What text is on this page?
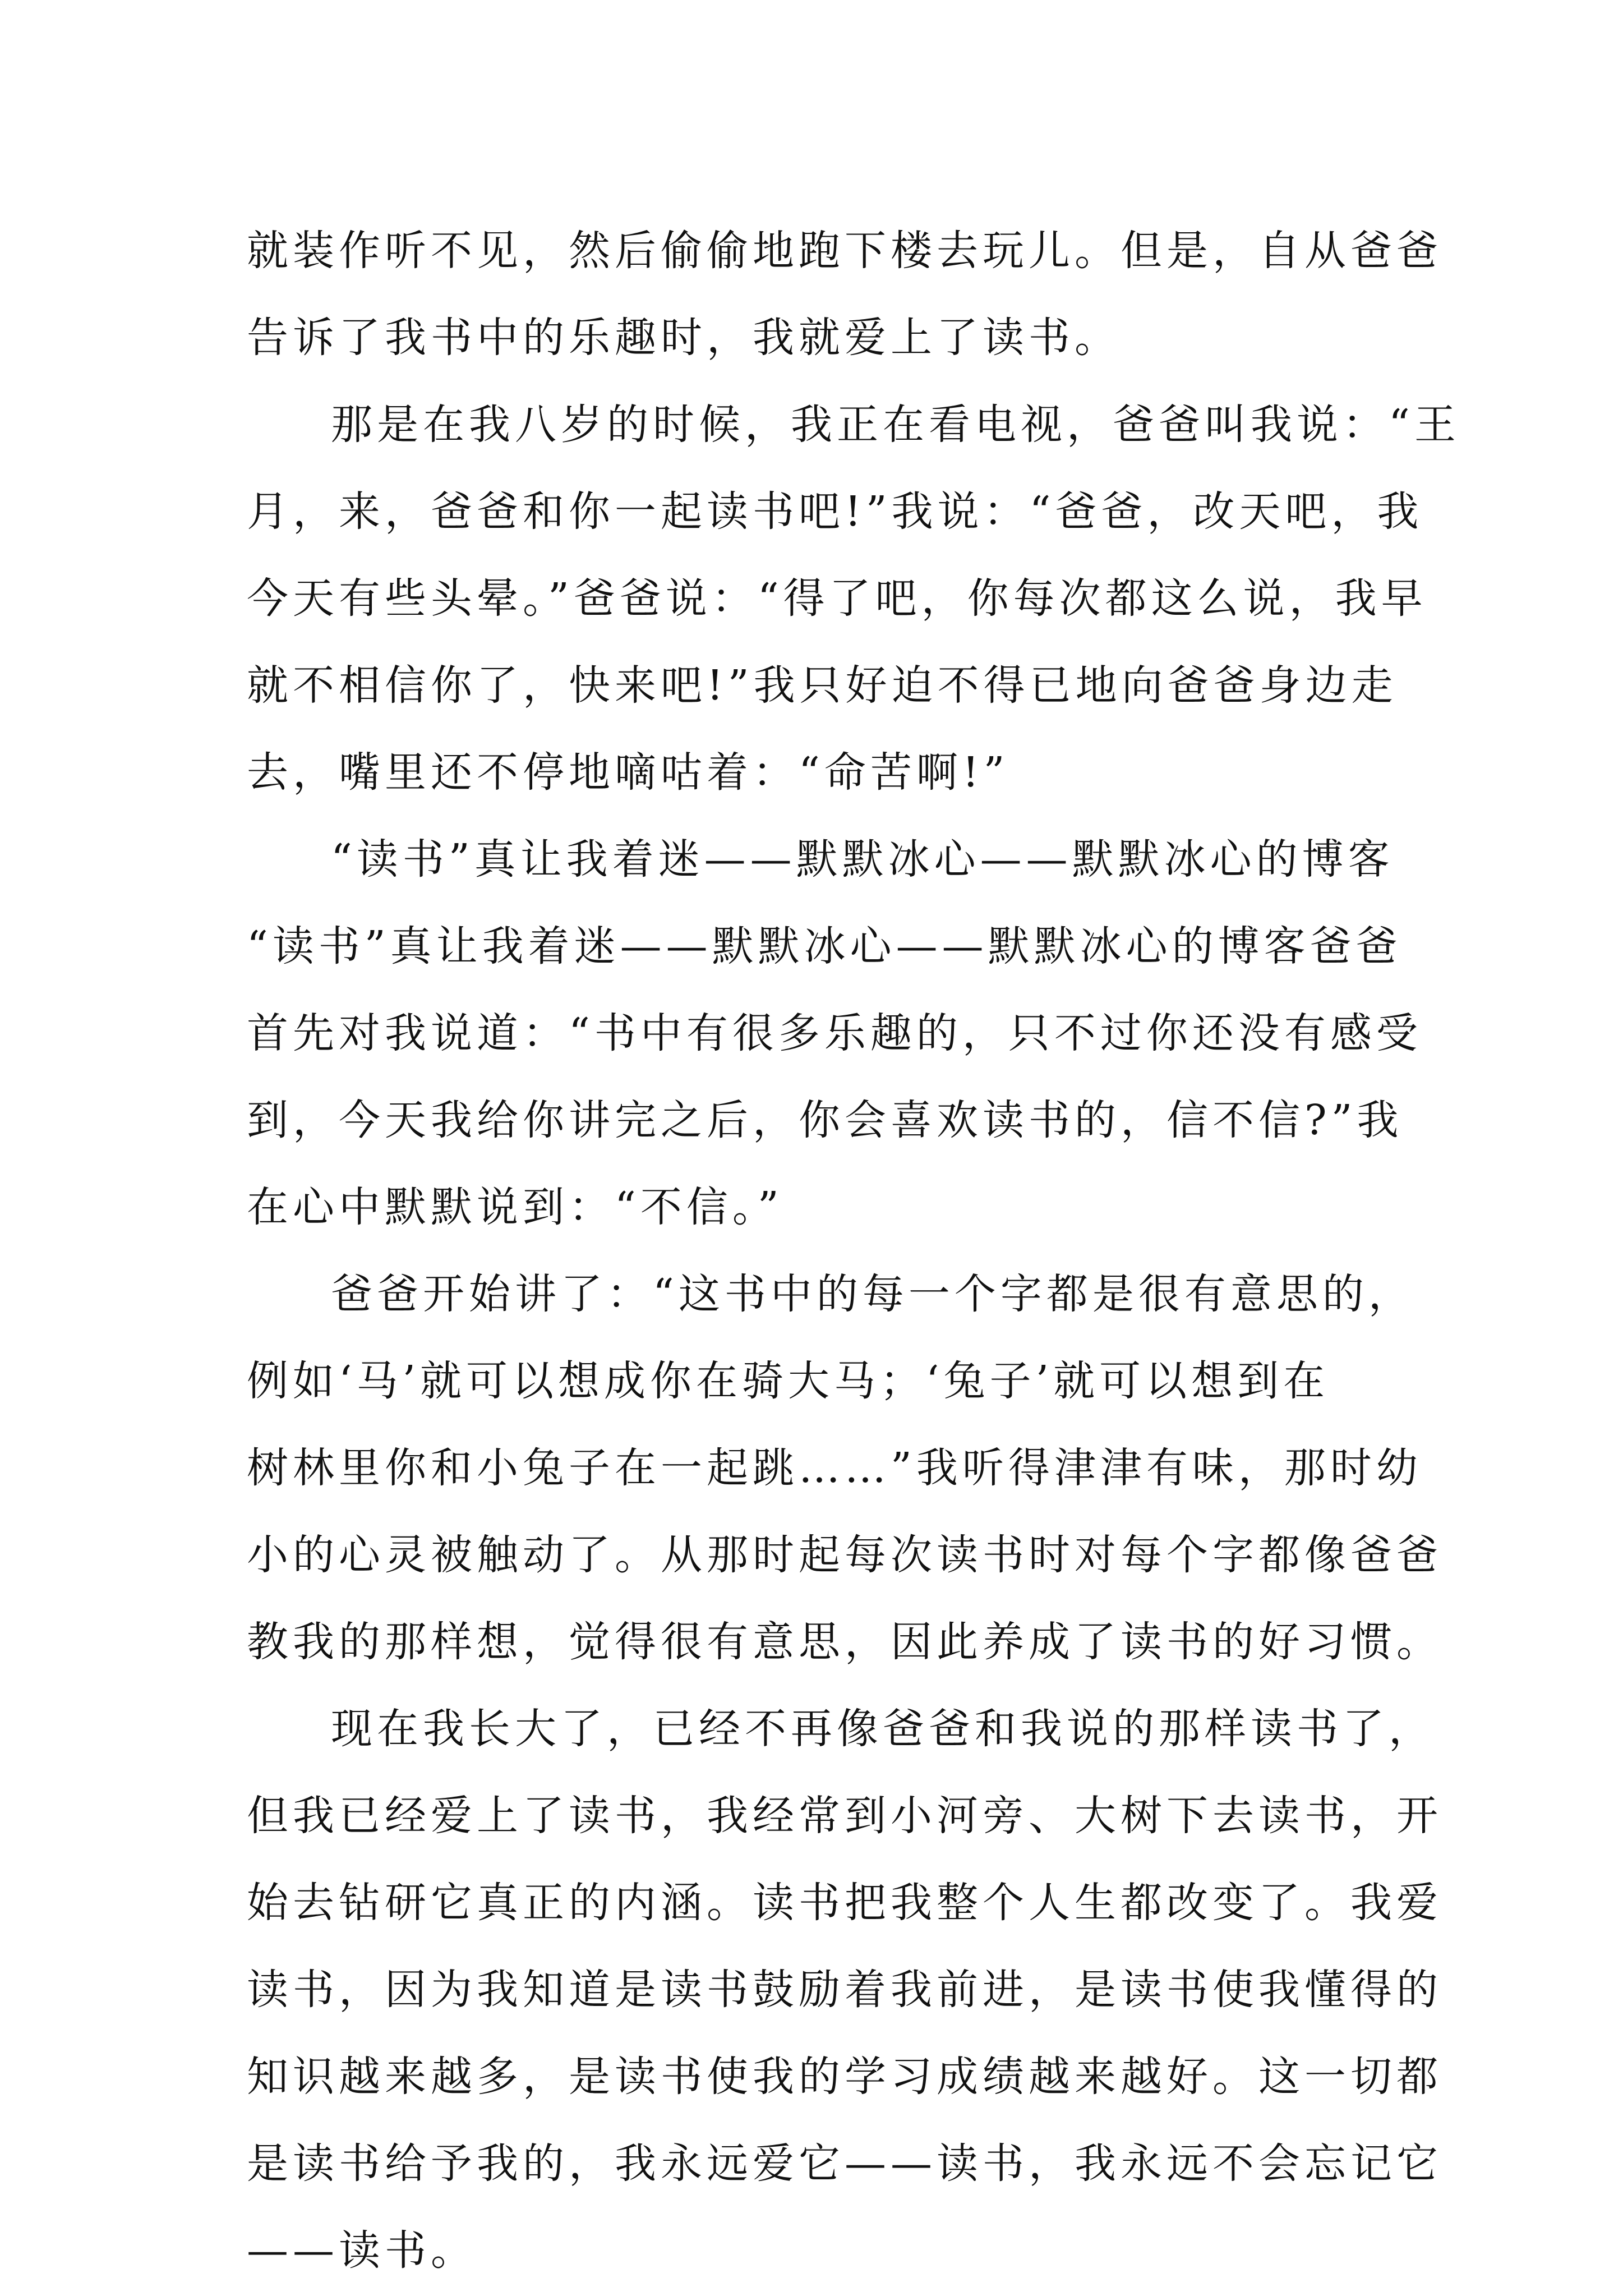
就装作听不见，然后偷偷地跑下楼去玩儿。但是，自从爸爸
告诉了我书中的乐趣时，我就爱上了读书。
那是在我八岁的时候，我正在看电视，爸爸叫我说：“王
月，来，爸爸和你一起读书吧!”我说：“爸爸，改天吧，我
今天有些头晕。”爸爸说：“得了吧，你每次都这么说，我早
就不相信你了，快来吧!”我只好迫不得已地向爸爸身边走
去，嘴里还不停地嘀咕着：“命苦啊!”
“读书”真让我着迷——默默冰心——默默冰心的博客
“读书”真让我着迷——默默冰心——默默冰心的博客爸爸
首先对我说道：“书中有很多乐趣的，只不过你还没有感受
到，今天我给你讲完之后，你会喜欢读书的，信不信?”我
在心中默默说到：“不信。”
爸爸开始讲了：“这书中的每一个字都是很有意思的，
例如‘马’就可以想成你在骑大马；‘兔子’就可以想到在
树林里你和小兔子在一起跳……”我听得津津有味，那时幼
小的心灵被触动了。从那时起每次读书时对每个字都像爸爸
教我的那样想，觉得很有意思，因此养成了读书的好习惯。
现在我长大了，已经不再像爸爸和我说的那样读书了，
但我已经爱上了读书，我经常到小河旁、大树下去读书，开
始去钻研它真正的内涵。读书把我整个人生都改变了。我爱
读书，因为我知道是读书鼓励着我前进，是读书使我懂得的
知识越来越多，是读书使我的学习成绩越来越好。这一切都
是读书给予我的，我永远爱它——读书，我永远不会忘记它
——读书。
